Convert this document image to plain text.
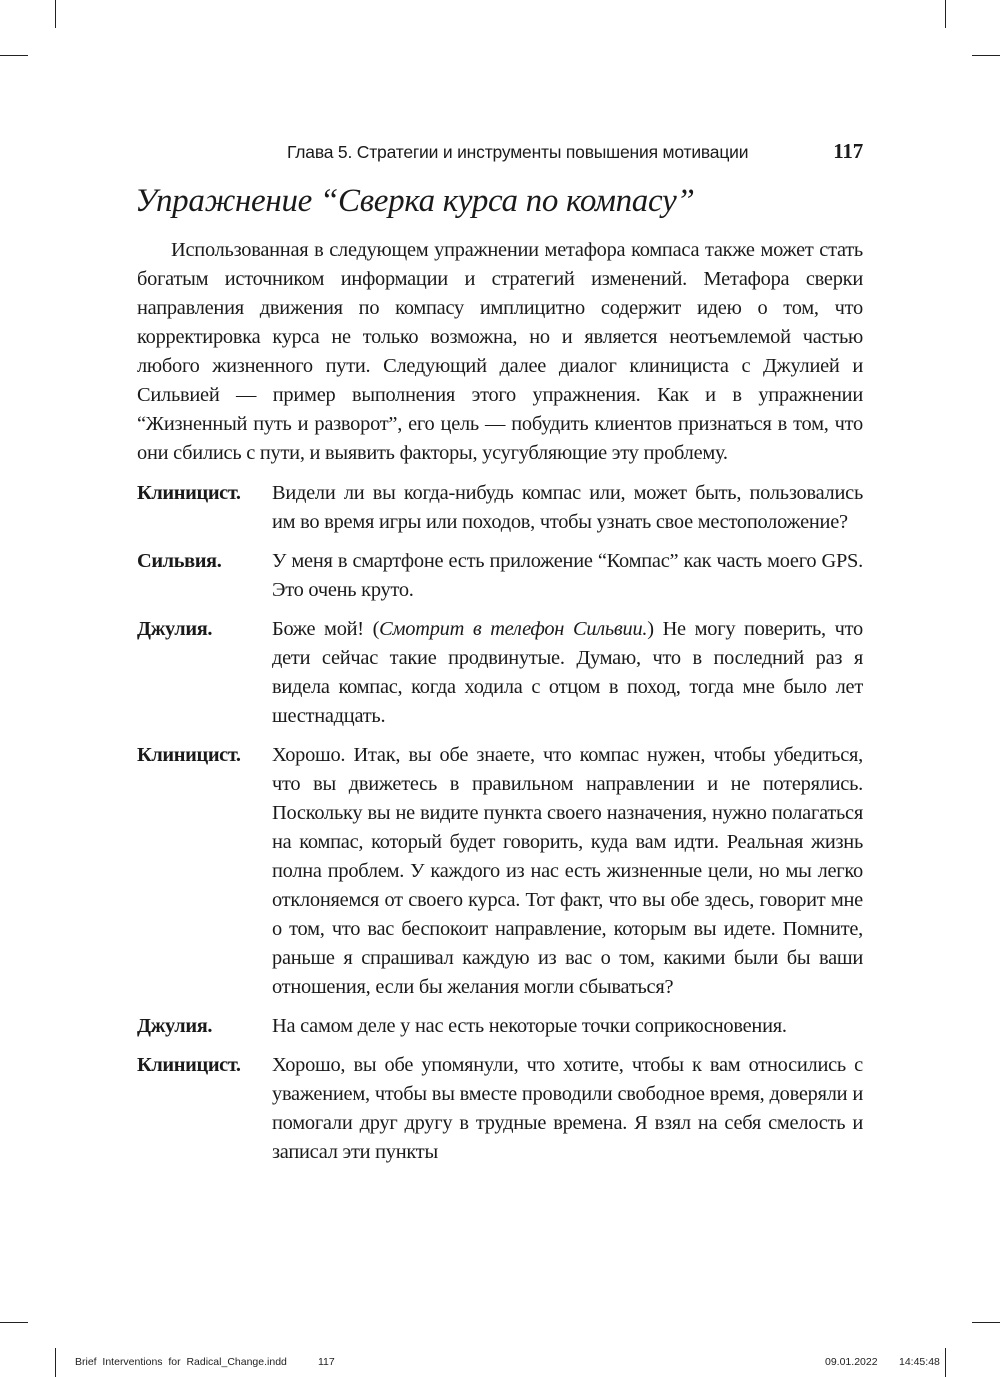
Глава 5. Стратегии и инструменты повышения мотивации	117
Упражнение “Сверка курса по компасу”

Использованная в следующем упражнении метафора компаса также может стать богатым источником информации и стратегий изменений. Метафора сверки направления движения по компасу имплицитно содержит идею о том, что корректировка курса не только возможна, но и является неотъемлемой частью любого жизненного пути. Следующий далее диалог клинициста с Джулией и Сильвией — пример выполнения этого упражнения. Как и в упражнении “Жизненный путь и разворот”, его цель — побудить клиентов признаться в том, что они сбились с пути, и выявить факторы, усугубляющие эту проблему.

Клиницист.	Видели ли вы когда-нибудь компас или, может быть, пользовались им во время игры или походов, чтобы узнать свое местоположение?
Сильвия.	У меня в смартфоне есть приложение “Компас” как часть моего GPS. Это очень круто.
Джулия.	Боже мой! (Смотрит в телефон Сильвии.) Не могу поверить, что дети сейчас такие продвинутые. Думаю, что в последний раз я видела компас, когда ходила с отцом в поход, тогда мне было лет шестнадцать.
Клиницист.	Хорошо. Итак, вы обе знаете, что компас нужен, чтобы убедиться, что вы движетесь в правильном направлении и не потерялись. Поскольку вы не видите пункта своего назначения, нужно полагаться на компас, который будет говорить, куда вам идти. Реальная жизнь полна проблем. У каждого из нас есть жизненные цели, но мы легко отклоняемся от своего курса. Тот факт, что вы обе здесь, говорит мне о том, что вас беспокоит направление, которым вы идете. Помните, раньше я спрашивал каждую из вас о том, какими были бы ваши отношения, если бы желания могли сбываться?
Джулия.	На самом деле у нас есть некоторые точки соприкосновения.
Клиницист.	Хорошо, вы обе упомянули, что хотите, чтобы к вам относились с уважением, чтобы вы вместе проводили свободное время, доверяли и помогали друг другу в трудные времена. Я взял на себя смелость и записал эти пункты
Brief  Interventions  for  Radical_Change.indd	117	09.01.2022 14:45:48
